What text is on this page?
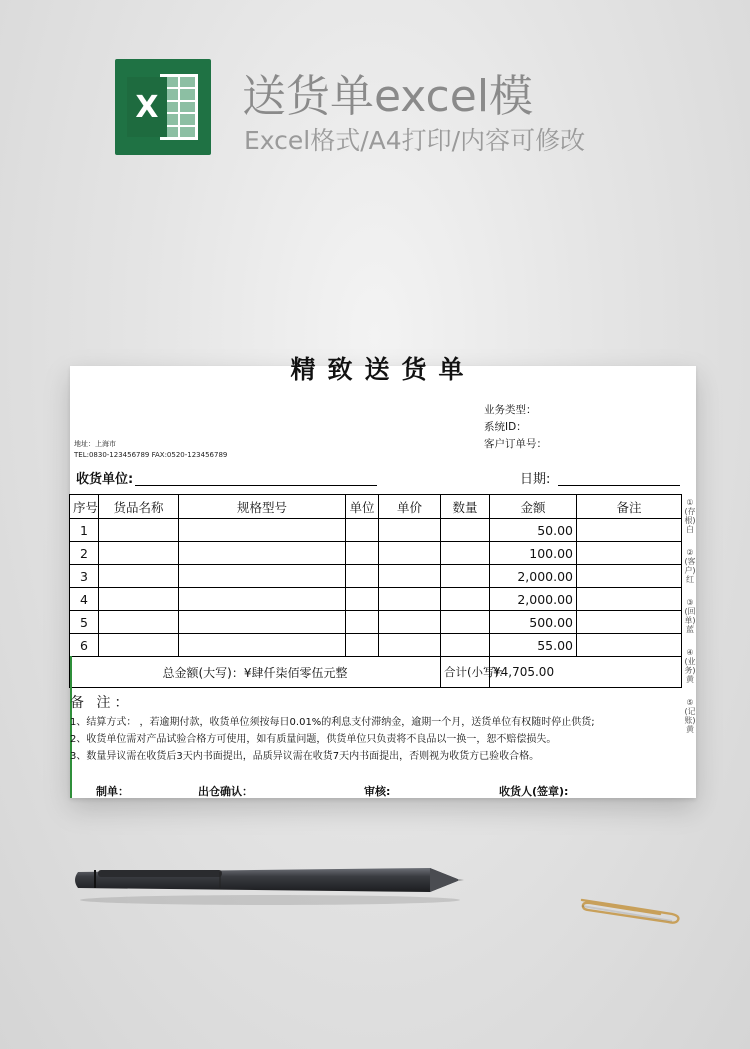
X 送货单excel模
Excel格式/A4打印/内容可修改
精致送货单
业务类型：
系统ID：
客户订单号：
地址：上海市
TEL:0830-123456789 FAX:0520-123456789
收货单位:	日期:
序号	货品名称	规格型号	单位	单价	数量	金额	备注
1						50.00	
2						100.00	
3						2,000.00	
4						2,000.00	
5						500.00	
6						55.00	
总金额(大写)：¥肆仟柒佰零伍元整					合计(小写):	¥4,705.00	
备 注：
1、结算方式： ，若逾期付款，收货单位须按每日0.01%的利息支付滞纳金，逾期一个月，送货单位有权随时停止供货;
2、收货单位需对产品试验合格方可使用，如有质量问题，供货单位只负责将不良品以一换一，恕不赔偿损失。
3、数量异议需在收货后3天内书面提出，品质异议需在收货7天内书面提出，否则视为收货方已验收合格。
制单：	出仓确认：	审核:	收货人(签章):
①(存根)白
②(客户)红
③(回单)蓝
④(业务)黄
⑤(记账)黄
